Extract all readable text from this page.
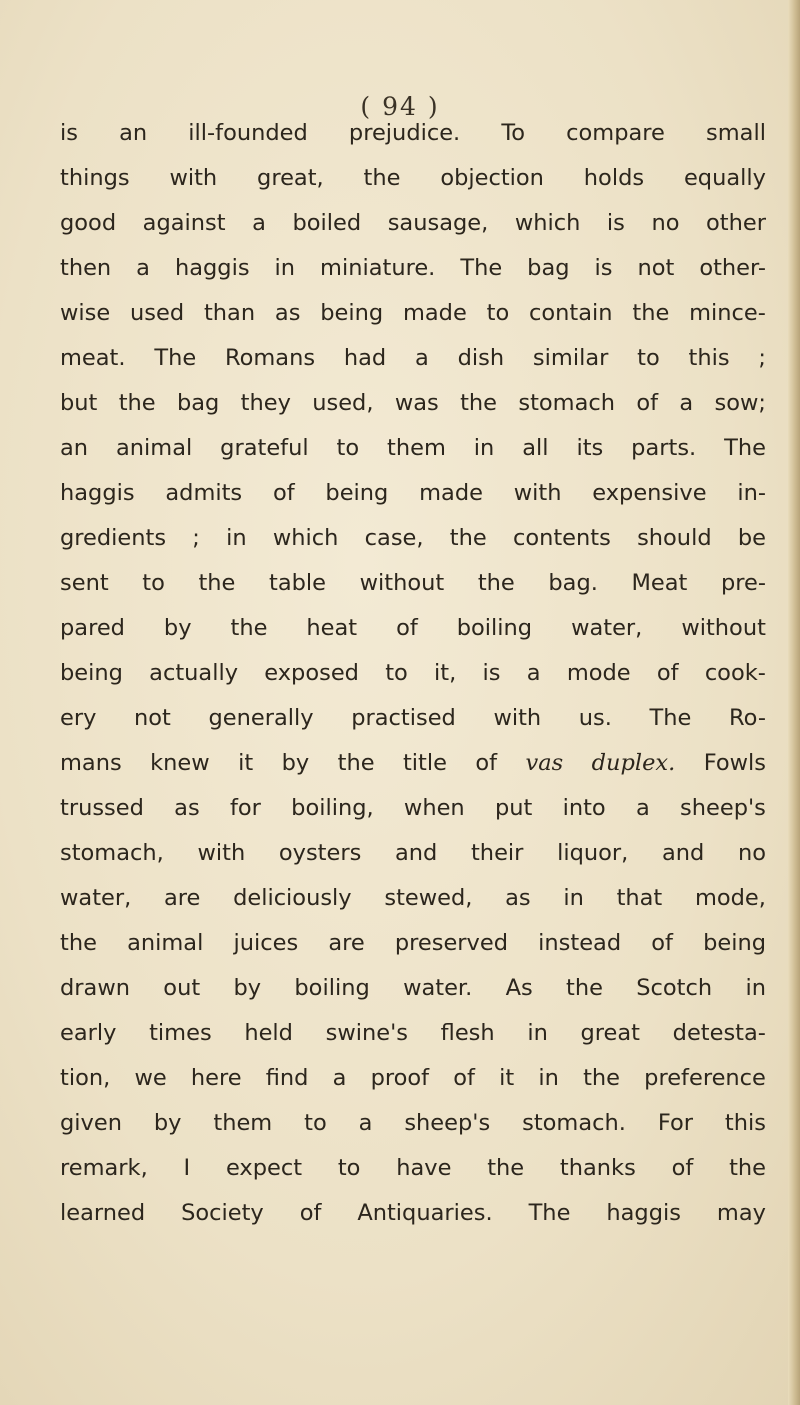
( 94 )
is an ill-founded prejudice. To compare small
things with great, the objection holds equally
good against a boiled sausage, which is no other
then a haggis in miniature. The bag is not other-
wise used than as being made to contain the mince-
meat. The Romans had a dish similar to this ;
but the bag they used, was the stomach of a sow;
an animal grateful to them in all its parts. The
haggis admits of being made with expensive in-
gredients ; in which case, the contents should be
sent to the table without the bag. Meat pre-
pared by the heat of boiling water, without
being actually exposed to it, is a mode of cook-
ery not generally practised with us. The Ro-
mans knew it by the title of vas duplex. Fowls
trussed as for boiling, when put into a sheep's
stomach, with oysters and their liquor, and no
water, are deliciously stewed, as in that mode,
the animal juices are preserved instead of being
drawn out by boiling water. As the Scotch in
early times held swine's flesh in great detesta-
tion, we here find a proof of it in the preference
given by them to a sheep's stomach. For this
remark, I expect to have the thanks of the
learned Society of Antiquaries. The haggis may
